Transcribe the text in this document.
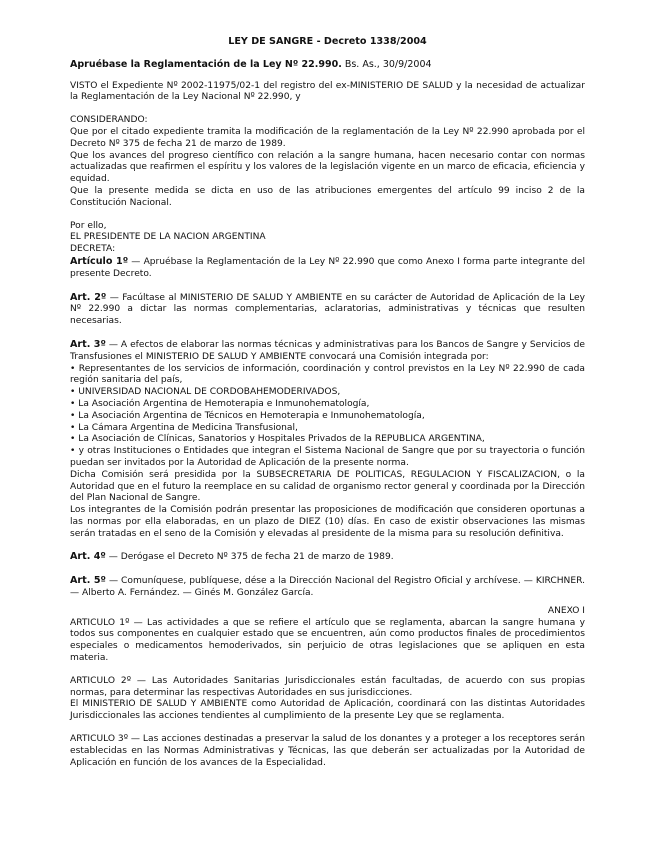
LEY DE SANGRE - Decreto 1338/2004
Apruébase la Reglamentación de la Ley Nº 22.990. Bs. As., 30/9/2004

VISTO el Expediente Nº 2002-11975/02-1 del registro del ex-MINISTERIO DE SALUD y la necesidad de actualizar la Reglamentación de la Ley Nacional Nº 22.990, y

CONSIDERANDO:

Que por el citado expediente tramita la modificación de la reglamentación de la Ley Nº 22.990 aprobada por el Decreto Nº 375 de fecha 21 de marzo de 1989.

Que los avances del progreso científico con relación a la sangre humana, hacen necesario contar con normas actualizadas que reafirmen el espíritu y los valores de la legislación vigente en un marco de eficacia, eficiencia y equidad.

Que la presente medida se dicta en uso de las atribuciones emergentes del artículo 99 inciso 2 de la Constitución Nacional.

Por ello,

EL PRESIDENTE DE LA NACION ARGENTINA

DECRETA:

Artículo 1º — Apruébase la Reglamentación de la Ley Nº 22.990 que como Anexo I forma parte integrante del presente Decreto.

Art. 2º — Facúltase al MINISTERIO DE SALUD Y AMBIENTE en su carácter de Autoridad de Aplicación de la Ley Nº 22.990 a dictar las normas complementarias, aclaratorias, administrativas y técnicas que resulten necesarias.

Art. 3º — A efectos de elaborar las normas técnicas y administrativas para los Bancos de Sangre y Servicios de Transfusiones el MINISTERIO DE SALUD Y AMBIENTE convocará una Comisión integrada por:

• Representantes de los servicios de información, coordinación y control previstos en la Ley Nº 22.990 de cada región sanitaria del país,

• UNIVERSIDAD NACIONAL DE CORDOBAHEMODERIVADOS,

• La Asociación Argentina de Hemoterapia e Inmunohematología,

• La Asociación Argentina de Técnicos en Hemoterapia e Inmunohematología,

• La Cámara Argentina de Medicina Transfusional,

• La Asociación de Clínicas, Sanatorios y Hospitales Privados de la REPUBLICA ARGENTINA,

• y otras Instituciones o Entidades que integran el Sistema Nacional de Sangre que por su trayectoria o función puedan ser invitados por la Autoridad de Aplicación de la presente norma.

Dicha Comisión será presidida por la SUBSECRETARIA DE POLITICAS, REGULACION Y FISCALIZACION, o la Autoridad que en el futuro la reemplace en su calidad de organismo rector general y coordinada por la Dirección del Plan Nacional de Sangre.

Los integrantes de la Comisión podrán presentar las proposiciones de modificación que consideren oportunas a las normas por ella elaboradas, en un plazo de DIEZ (10) días. En caso de existir observaciones las mismas serán tratadas en el seno de la Comisión y elevadas al presidente de la misma para su resolución definitiva.

Art. 4º — Derógase el Decreto Nº 375 de fecha 21 de marzo de 1989.

Art. 5º — Comuníquese, publíquese, dése a la Dirección Nacional del Registro Oficial y archívese. — KIRCHNER. — Alberto A. Fernández. — Ginés M. González García.

ANEXO I

ARTICULO 1º — Las actividades a que se refiere el artículo que se reglamenta, abarcan la sangre humana y todos sus componentes en cualquier estado que se encuentren, aún como productos finales de procedimientos especiales o medicamentos hemoderivados, sin perjuicio de otras legislaciones que se apliquen en esta materia.

ARTICULO 2º — Las Autoridades Sanitarias Jurisdiccionales están facultadas, de acuerdo con sus propias normas, para determinar las respectivas Autoridades en sus jurisdicciones.

El MINISTERIO DE SALUD Y AMBIENTE como Autoridad de Aplicación, coordinará con las distintas Autoridades Jurisdiccionales las acciones tendientes al cumplimiento de la presente Ley que se reglamenta.

ARTICULO 3º — Las acciones destinadas a preservar la salud de los donantes y a proteger a los receptores serán establecidas en las Normas Administrativas y Técnicas, las que deberán ser actualizadas por la Autoridad de Aplicación en función de los avances de la Especialidad.
